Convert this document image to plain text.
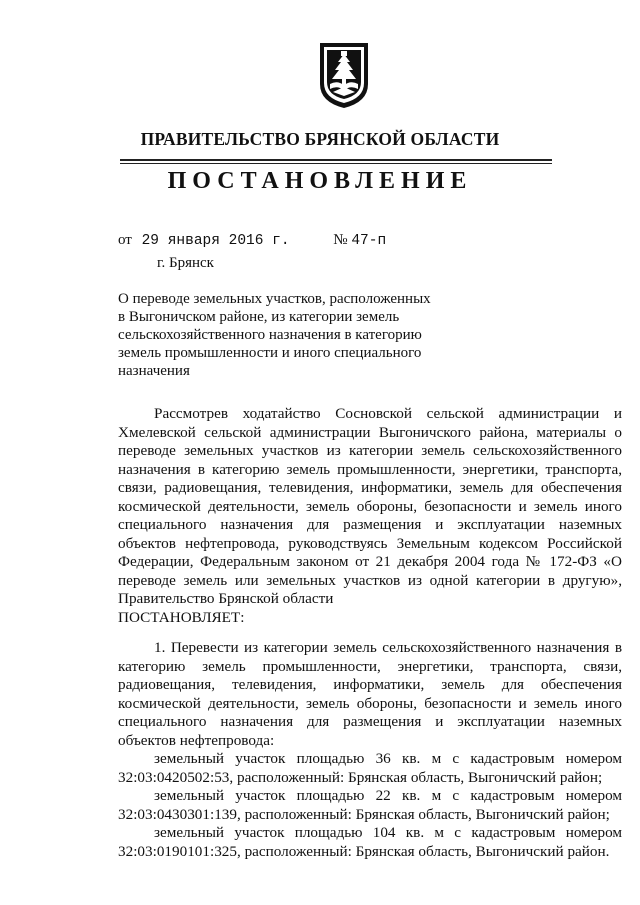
ПРАВИТЕЛЬСТВО БРЯНСКОЙ ОБЛАСТИ
ПОСТАНОВЛЕНИЕ
от 29 января 2016 г.	№ 47-п
г. Брянск
О переводе земельных участков, расположенных
в Выгоничском районе, из категории земель
сельскохозяйственного назначения в категорию
земель промышленности и иного специального
назначения

Рассмотрев ходатайство Сосновской сельской администрации и Хмелевской сельской администрации Выгоничского района, материалы о переводе земельных участков из категории земель сельскохозяйственного назначения в категорию земель промышленности, энергетики, транспорта, связи, радиовещания, телевидения, информатики, земель для обеспечения космической деятельности, земель обороны, безопасности и земель иного специального назначения для размещения и эксплуатации наземных объектов нефтепровода, руководствуясь Земельным кодексом Российской Федерации, Федеральным законом от 21 декабря 2004 года № 172-ФЗ «О переводе земель или земельных участков из одной категории в другую», Правительство Брянской области

ПОСТАНОВЛЯЕТ:

1. Перевести из категории земель сельскохозяйственного назначения в категорию земель промышленности, энергетики, транспорта, связи, радиовещания, телевидения, информатики, земель для обеспечения космической деятельности, земель обороны, безопасности и земель иного специального назначения для размещения и эксплуатации наземных объектов нефтепровода:

земельный участок площадью 36 кв. м с кадастровым номером 32:03:0420502:53, расположенный: Брянская область, Выгоничский район;

земельный участок площадью 22 кв. м с кадастровым номером 32:03:0430301:139, расположенный: Брянская область, Выгоничский район;

земельный участок площадью 104 кв. м с кадастровым номером 32:03:0190101:325, расположенный: Брянская область, Выгоничский район.
